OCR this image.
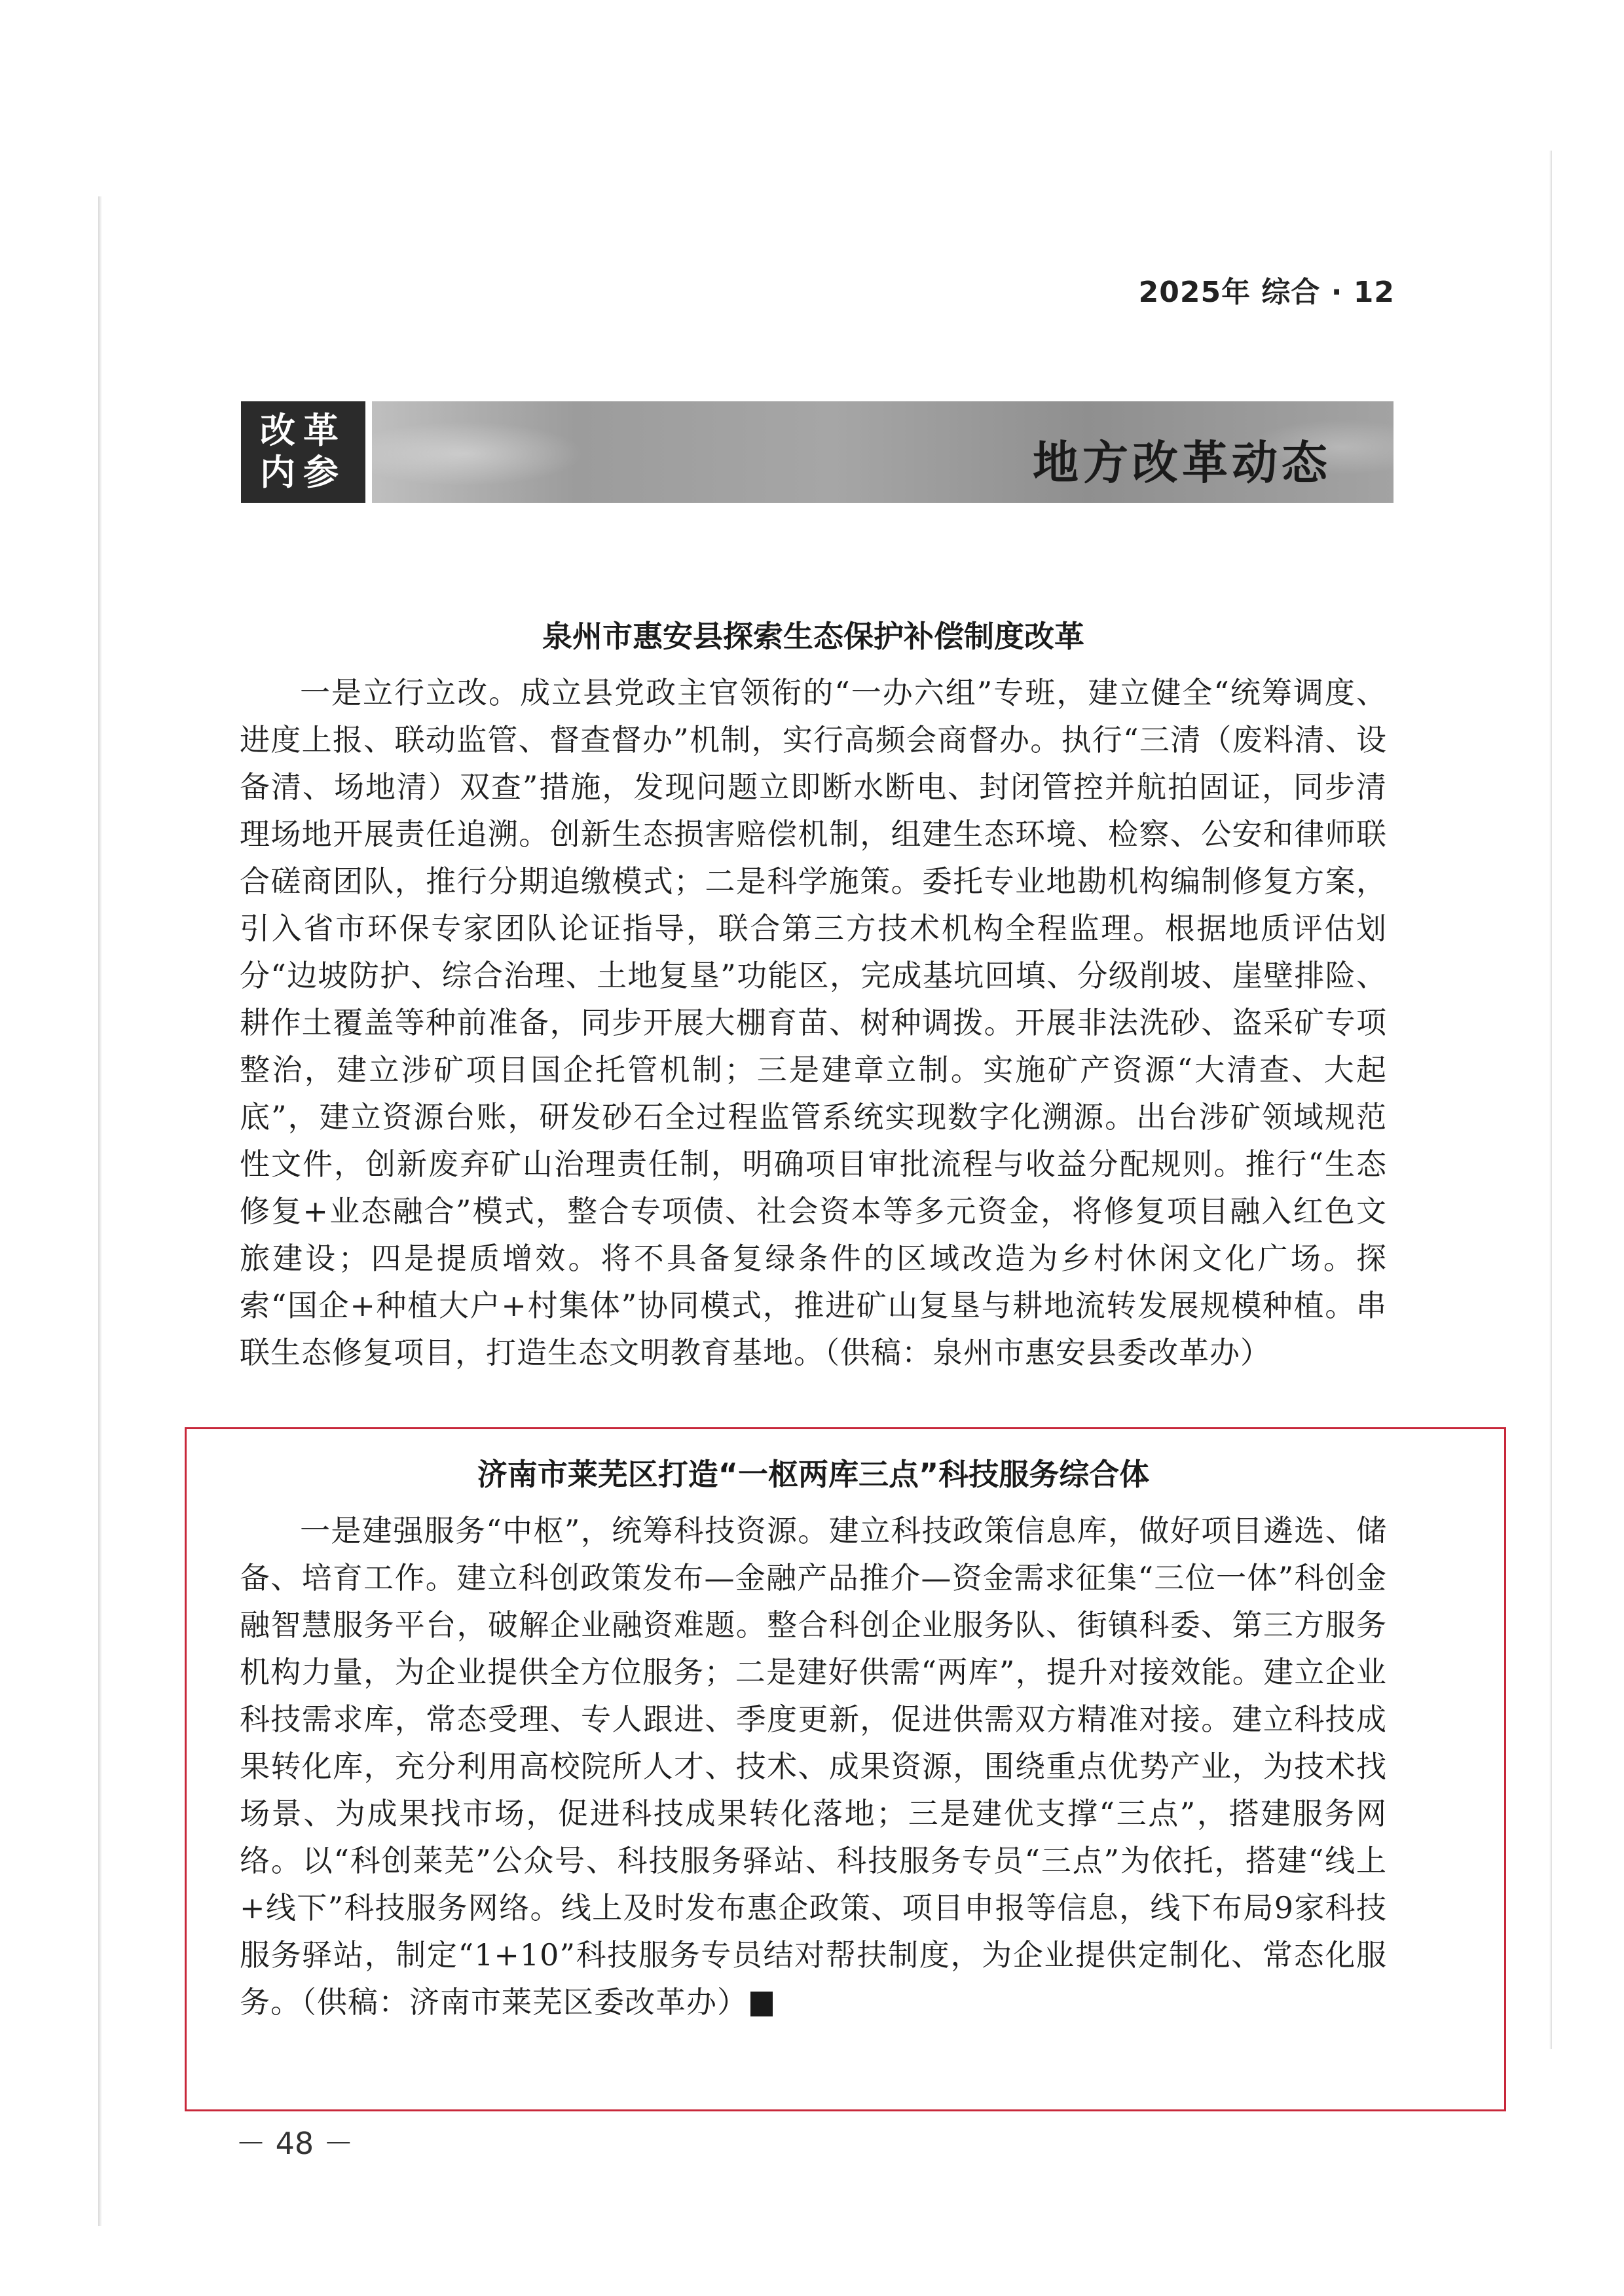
2025年 综合 · 12
改革
内参	地方改革动态
泉州市惠安县探索生态保护补偿制度改革

一是立行立改。成立县党政主官领衔的“一办六组”专班，建立健全“统筹调度、进度上报、联动监管、督查督办”机制，实行高频会商督办。执行“三清（废料清、设备清、场地清）双查”措施，发现问题立即断水断电、封闭管控并航拍固证，同步清理场地开展责任追溯。创新生态损害赔偿机制，组建生态环境、检察、公安和律师联合磋商团队，推行分期追缴模式；二是科学施策。委托专业地勘机构编制修复方案，引入省市环保专家团队论证指导，联合第三方技术机构全程监理。根据地质评估划分“边坡防护、综合治理、土地复垦”功能区，完成基坑回填、分级削坡、崖壁排险、耕作土覆盖等种前准备，同步开展大棚育苗、树种调拨。开展非法洗砂、盗采矿专项整治，建立涉矿项目国企托管机制；三是建章立制。实施矿产资源“大清查、大起底”，建立资源台账，研发砂石全过程监管系统实现数字化溯源。出台涉矿领域规范性文件，创新废弃矿山治理责任制，明确项目审批流程与收益分配规则。推行“生态修复+业态融合”模式，整合专项债、社会资本等多元资金，将修复项目融入红色文旅建设；四是提质增效。将不具备复绿条件的区域改造为乡村休闲文化广场。探索“国企+种植大户+村集体”协同模式，推进矿山复垦与耕地流转发展规模种植。串联生态修复项目，打造生态文明教育基地。（供稿：泉州市惠安县委改革办）

济南市莱芜区打造“一枢两库三点”科技服务综合体

一是建强服务“中枢”，统筹科技资源。建立科技政策信息库，做好项目遴选、储备、培育工作。建立科创政策发布—金融产品推介—资金需求征集“三位一体”科创金融智慧服务平台，破解企业融资难题。整合科创企业服务队、街镇科委、第三方服务机构力量，为企业提供全方位服务；二是建好供需“两库”，提升对接效能。建立企业科技需求库，常态受理、专人跟进、季度更新，促进供需双方精准对接。建立科技成果转化库，充分利用高校院所人才、技术、成果资源，围绕重点优势产业，为技术找场景、为成果找市场，促进科技成果转化落地；三是建优支撑“三点”，搭建服务网络。以“科创莱芜”公众号、科技服务驿站、科技服务专员“三点”为依托，搭建“线上+线下”科技服务网络。线上及时发布惠企政策、项目申报等信息，线下布局9家科技服务驿站，制定“1+10”科技服务专员结对帮扶制度，为企业提供定制化、常态化服务。（供稿：济南市莱芜区委改革办）

－ 48 －
